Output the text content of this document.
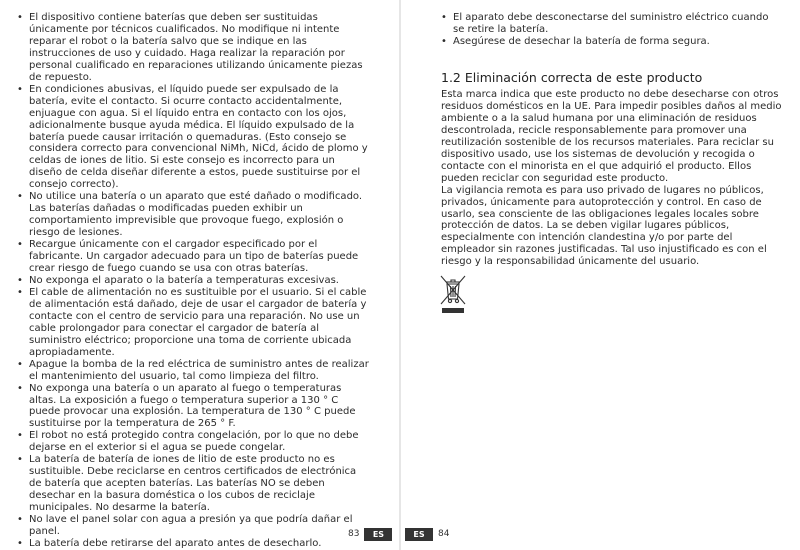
• El dispositivo contiene baterías que deben ser sustituidas únicamente por técnicos cualificados. No modifique ni intente reparar el robot o la batería salvo que se indique en las instrucciones de uso y cuidado. Haga realizar la reparación por personal cualificado en reparaciones utilizando únicamente piezas de repuesto.
• En condiciones abusivas, el líquido puede ser expulsado de la batería, evite el contacto. Si ocurre contacto accidentalmente, enjuague con agua. Si el líquido entra en contacto con los ojos, adicionalmente busque ayuda médica. El líquido expulsado de la batería puede causar irritación o quemaduras. (Esto consejo se considera correcto para convencional NiMh, NiCd, ácido de plomo y celdas de iones de litio. Si este consejo es incorrecto para un diseño de celda diseñar diferente a estos, puede sustituirse por el consejo correcto).
• No utilice una batería o un aparato que esté dañado o modificado. Las baterías dañadas o modificadas pueden exhibir un comportamiento imprevisible que provoque fuego, explosión o riesgo de lesiones.
• Recargue únicamente con el cargador especificado por el fabricante. Un cargador adecuado para un tipo de baterías puede crear riesgo de fuego cuando se usa con otras baterías.
• No exponga el aparato o la batería a temperaturas excesivas.
• El cable de alimentación no es sustituible por el usuario. Si el cable de alimentación está dañado, deje de usar el cargador de batería y contacte con el centro de servicio para una reparación. No use un cable prolongador para conectar el cargador de batería al suministro eléctrico; proporcione una toma de corriente ubicada apropiadamente.
• Apague la bomba de la red eléctrica de suministro antes de realizar el mantenimiento del usuario, tal como limpieza del filtro.
• No exponga una batería o un aparato al fuego o temperaturas altas. La exposición a fuego o temperatura superior a 130 ° C puede provocar una explosión. La temperatura de 130 ° C puede sustituirse por la temperatura de 265 ° F.
• El robot no está protegido contra congelación, por lo que no debe dejarse en el exterior si el agua se puede congelar.
• La batería de batería de iones de litio de este producto no es sustituible. Debe reciclarse en centros certificados de electrónica de batería que acepten baterías. Las baterías NO se deben desechar en la basura doméstica o los cubos de reciclaje municipales. No desarme la batería.
• No lave el panel solar con agua a presión ya que podría dañar el panel.
• La batería debe retirarse del aparato antes de desecharlo.
• El aparato debe desconectarse del suministro eléctrico cuando se retire la batería.
• Asegúrese de desechar la batería de forma segura.
1.2 Eliminación correcta de este producto

Esta marca indica que este producto no debe desecharse con otros residuos domésticos en la UE. Para impedir posibles daños al medio ambiente o a la salud humana por una eliminación de residuos descontrolada, recicle responsablemente para promover una reutilización sostenible de los recursos materiales. Para reciclar su dispositivo usado, use los sistemas de devolución y recogida o contacte con el minorista en el que adquirió el producto. Ellos pueden reciclar con seguridad este producto.

La vigilancia remota es para uso privado de lugares no públicos, privados, únicamente para autoprotección y control. En caso de usarlo, sea consciente de las obligaciones legales locales sobre protección de datos. La se deben vigilar lugares públicos, especialmente con intención clandestina y/o por parte del empleador sin razones justificadas. Tal uso injustificado es con el riesgo y la responsabilidad únicamente del usuario.

83	ES	ES	84
